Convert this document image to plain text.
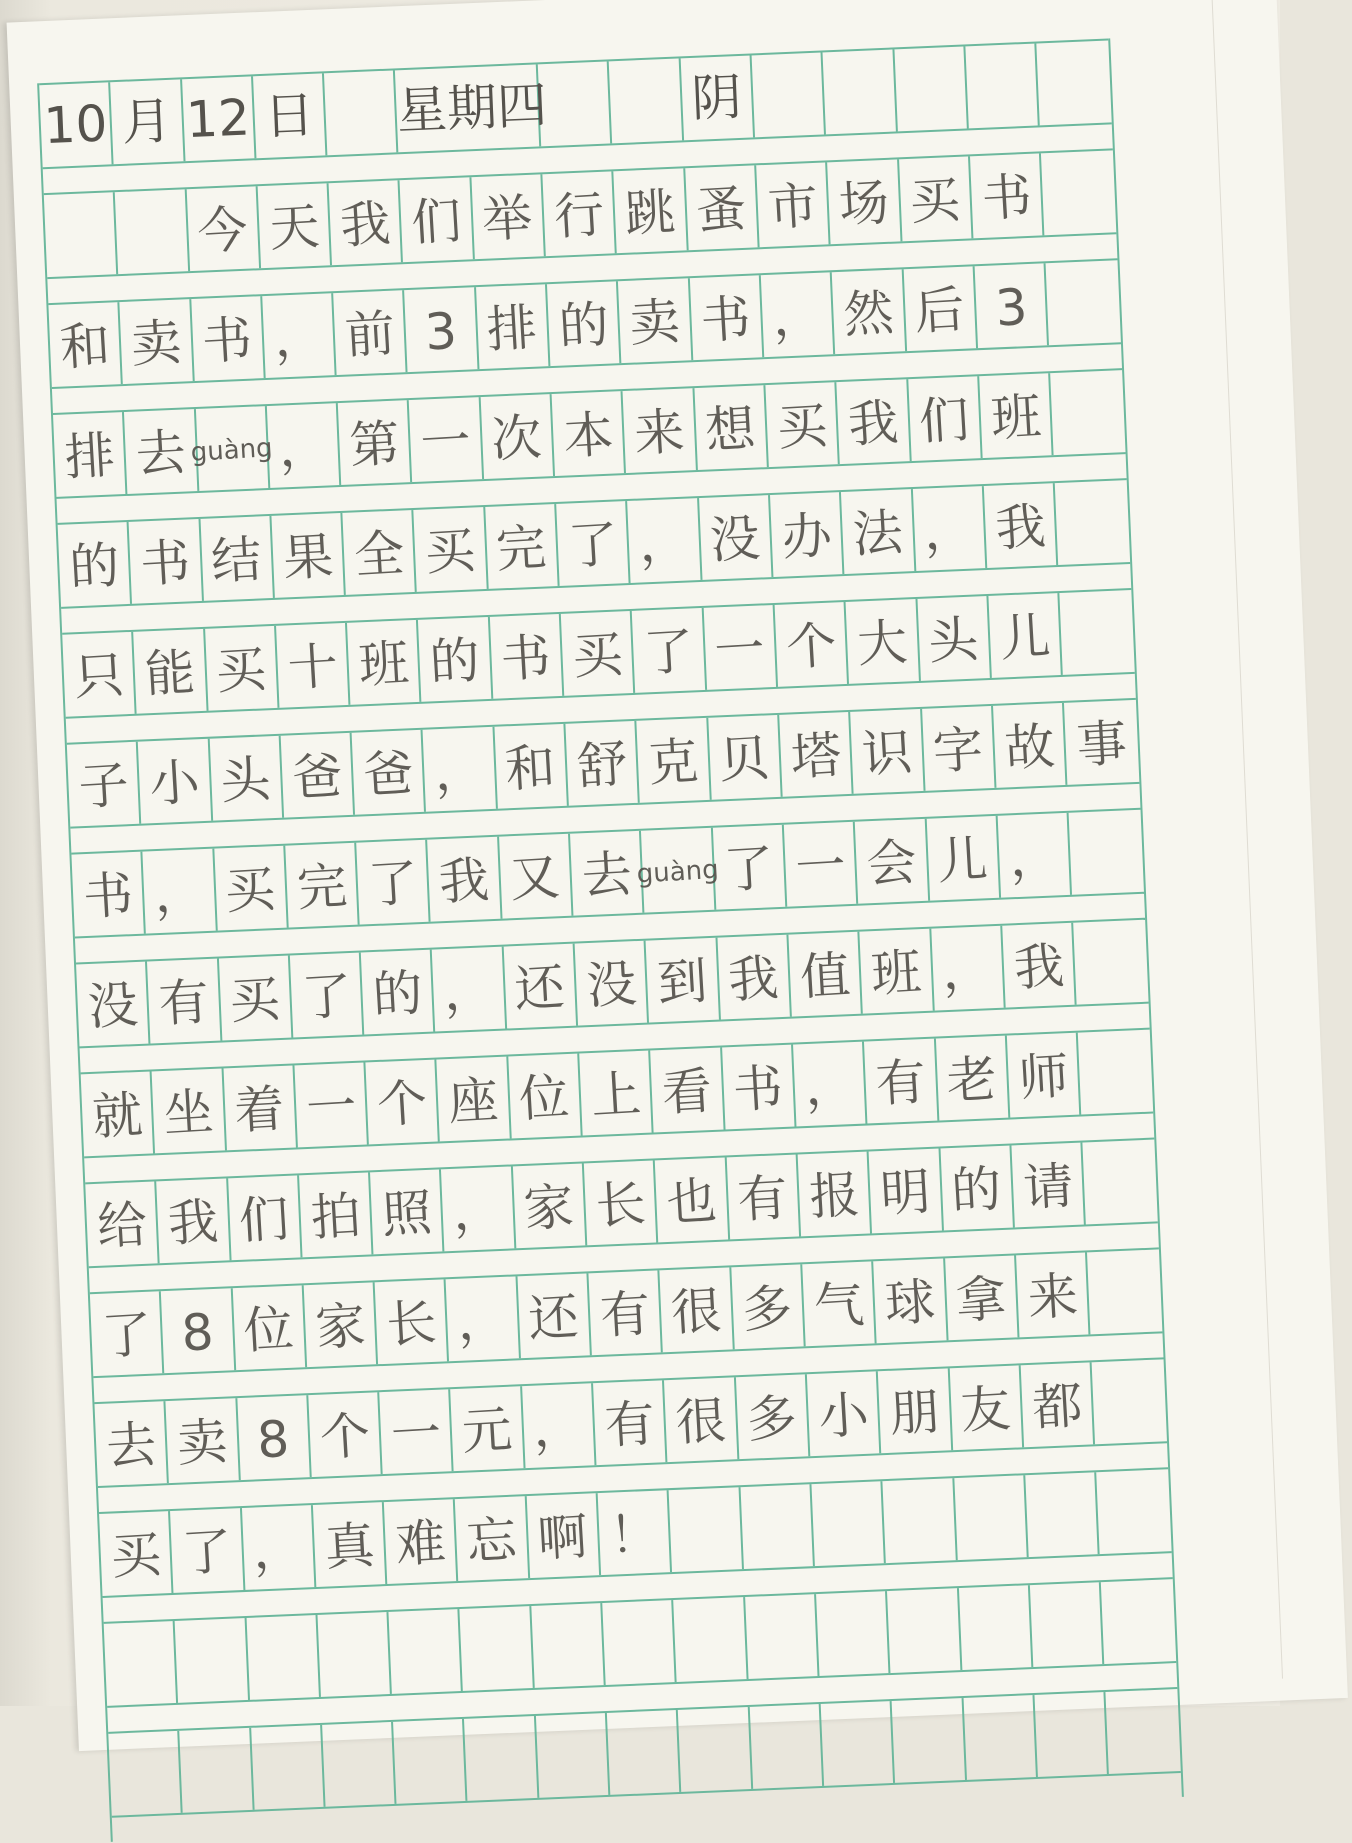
10 月 12 日 星期四	阴
今 天 我 们 举 行 跳 蚤 市 场 买 书
和 卖 书 ， 前 3 排 的 卖 书 ， 然 后 3
排 去 guàng ， 第 一 次 本 来 想 买 我 们 班
的 书 结 果 全 买 完 了 ， 没 办 法 ， 我
只 能 买 十 班 的 书 买 了 一 个 大 头 儿
子 小 头 爸 爸 ， 和 舒 克 贝 塔 识 字 故 事
书 ， 买 完 了 我 又 去 guàng 了 一 会 儿 ，
没 有 买 了 的 ， 还 没 到 我 值 班 ， 我
就 坐 着 一 个 座 位 上 看 书 ， 有 老 师
给 我 们 拍 照 ， 家 长 也 有 报 明 的 请
了 8 位 家 长 ， 还 有 很 多 气 球 拿 来
去 卖 8 个 一 元 ， 有 很 多 小 朋 友 都
买 了 ， 真 难 忘 啊 ！
